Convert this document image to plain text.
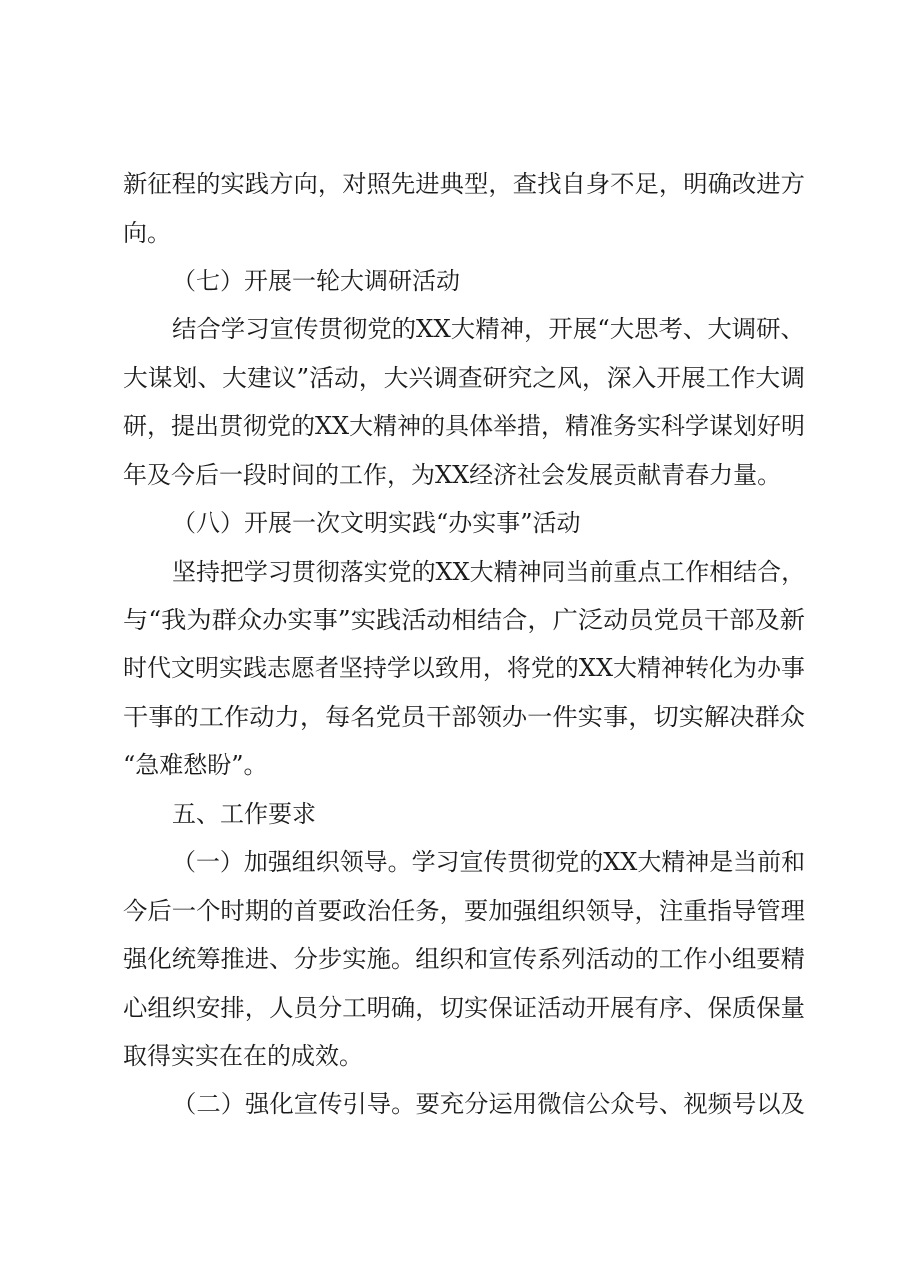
新征程的实践方向，对照先进典型，查找自身不足，明确改进方
向。
（七）开展一轮大调研活动
结合学习宣传贯彻党的XX大精神，开展“大思考、大调研、
大谋划、大建议”活动，大兴调查研究之风，深入开展工作大调
研，提出贯彻党的XX大精神的具体举措，精准务实科学谋划好明
年及今后一段时间的工作，为XX经济社会发展贡献青春力量。
（八）开展一次文明实践“办实事”活动
坚持把学习贯彻落实党的XX大精神同当前重点工作相结合，
与“我为群众办实事”实践活动相结合，广泛动员党员干部及新
时代文明实践志愿者坚持学以致用，将党的XX大精神转化为办事
干事的工作动力，每名党员干部领办一件实事，切实解决群众
“急难愁盼”。
五、工作要求
（一）加强组织领导。学习宣传贯彻党的XX大精神是当前和
今后一个时期的首要政治任务，要加强组织领导，注重指导管理
强化统筹推进、分步实施。组织和宣传系列活动的工作小组要精
心组织安排，人员分工明确，切实保证活动开展有序、保质保量
取得实实在在的成效。
（二）强化宣传引导。要充分运用微信公众号、视频号以及
